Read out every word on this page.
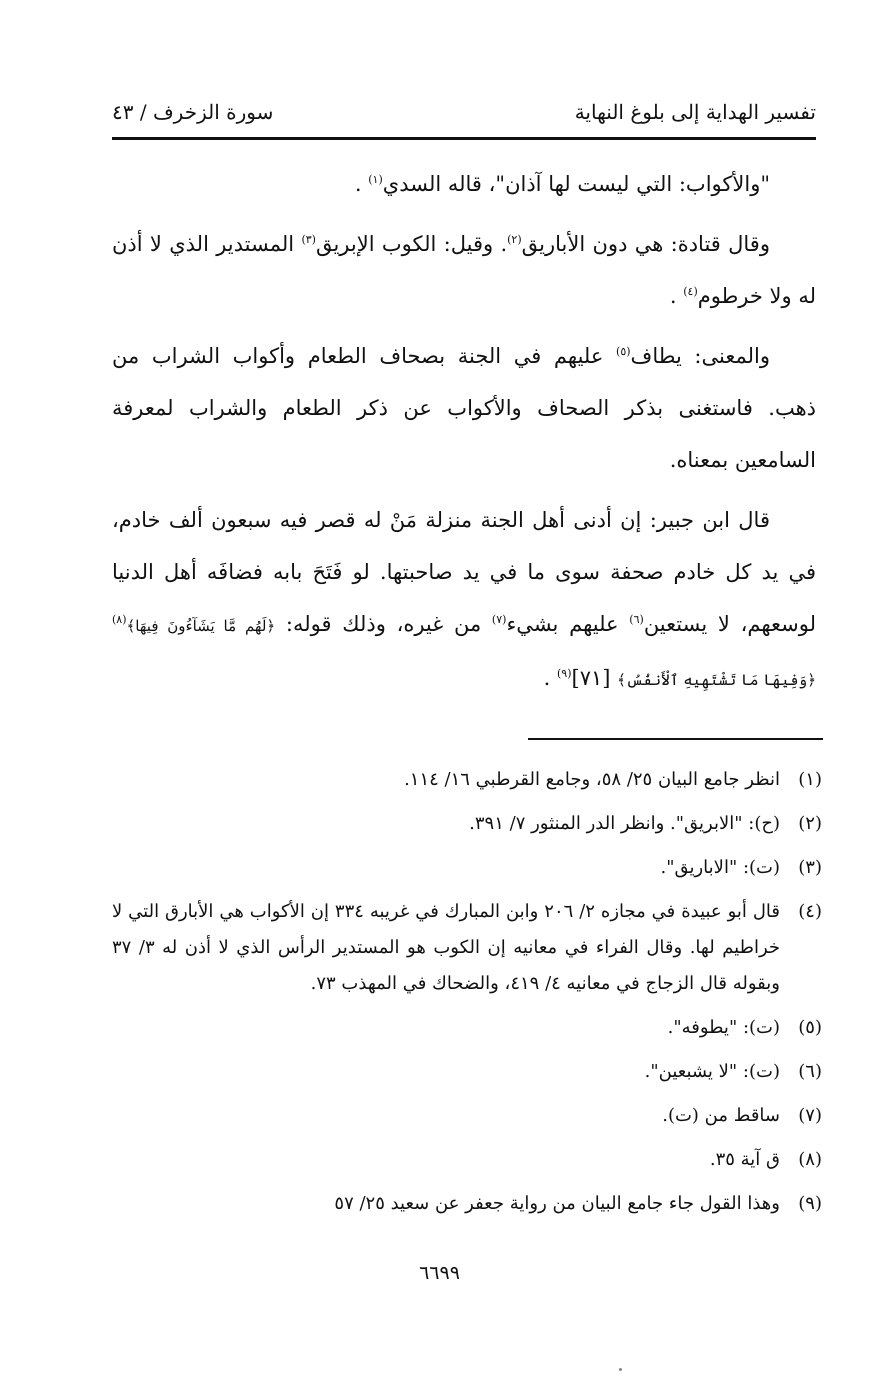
تفسير الهداية إلى بلوغ النهاية
سورة الزخرف / ٤٣

"والأكواب: التي ليست لها آذان"، قاله السدي$^{(١)}$ .

وقال قتادة: هي دون الأباريق$^{(٢)}$. وقيل: الكوب الإبريق$^{(٣)}$ المستدير الذي لا أذن له ولا خرطوم$^{(٤)}$ .

والمعنى: يطاف$^{(٥)}$ عليهم في الجنة بصحاف الطعام وأكواب الشراب من ذهب. فاستغنى بذكر الصحاف والأكواب عن ذكر الطعام والشراب لمعرفة السامعين بمعناه.

قال ابن جبير: إن أدنى أهل الجنة منزلة مَنْ له قصر فيه سبعون ألف خادم، في يد كل خادم صحفة سوى ما في يد صاحبتها. لو فَتَحَ بابه فضافَه أهل الدنيا لوسعهم، لا يستعين$^{(٦)}$ عليهم بشيء$^{(٧)}$ من غيره، وذلك قوله: ﴿لَهُم مَّا يَشَآءُونَ فِيهَا﴾$^{(٨)}$ ﴿وَفِيهَا مَا تَشْتَهِيهِ ٱلْأَنفُسُ﴾ [٧١]$^{(٩)}$ .

(١)
انظر جامع البيان ٢٥/ ٥٨، وجامع القرطبي ١٦/ ١١٤.
(٢)
(ح): "الابريق". وانظر الدر المنثور ٧/ ٣٩١.
(٣)
(ت): "الاباريق".
(٤)
قال أبو عبيدة في مجازه ٢/ ٢٠٦ وابن المبارك في غريبه ٣٣٤ إن الأكواب هي الأبارق التي لا خراطيم لها. وقال الفراء في معانيه إن الكوب هو المستدير الرأس الذي لا أذن له ٣/ ٣٧ وبقوله قال الزجاج في معانيه ٤/ ٤١٩، والضحاك في المهذب ٧٣.
(٥)
(ت): "يطوفه".
(٦)
(ت): "لا يشبعين".
(٧)
ساقط من (ت).
(٨)
ق آية ٣٥.
(٩)
وهذا القول جاء جامع البيان من رواية جعفر عن سعيد ٢٥/ ٥٧
٦٦٩٩
